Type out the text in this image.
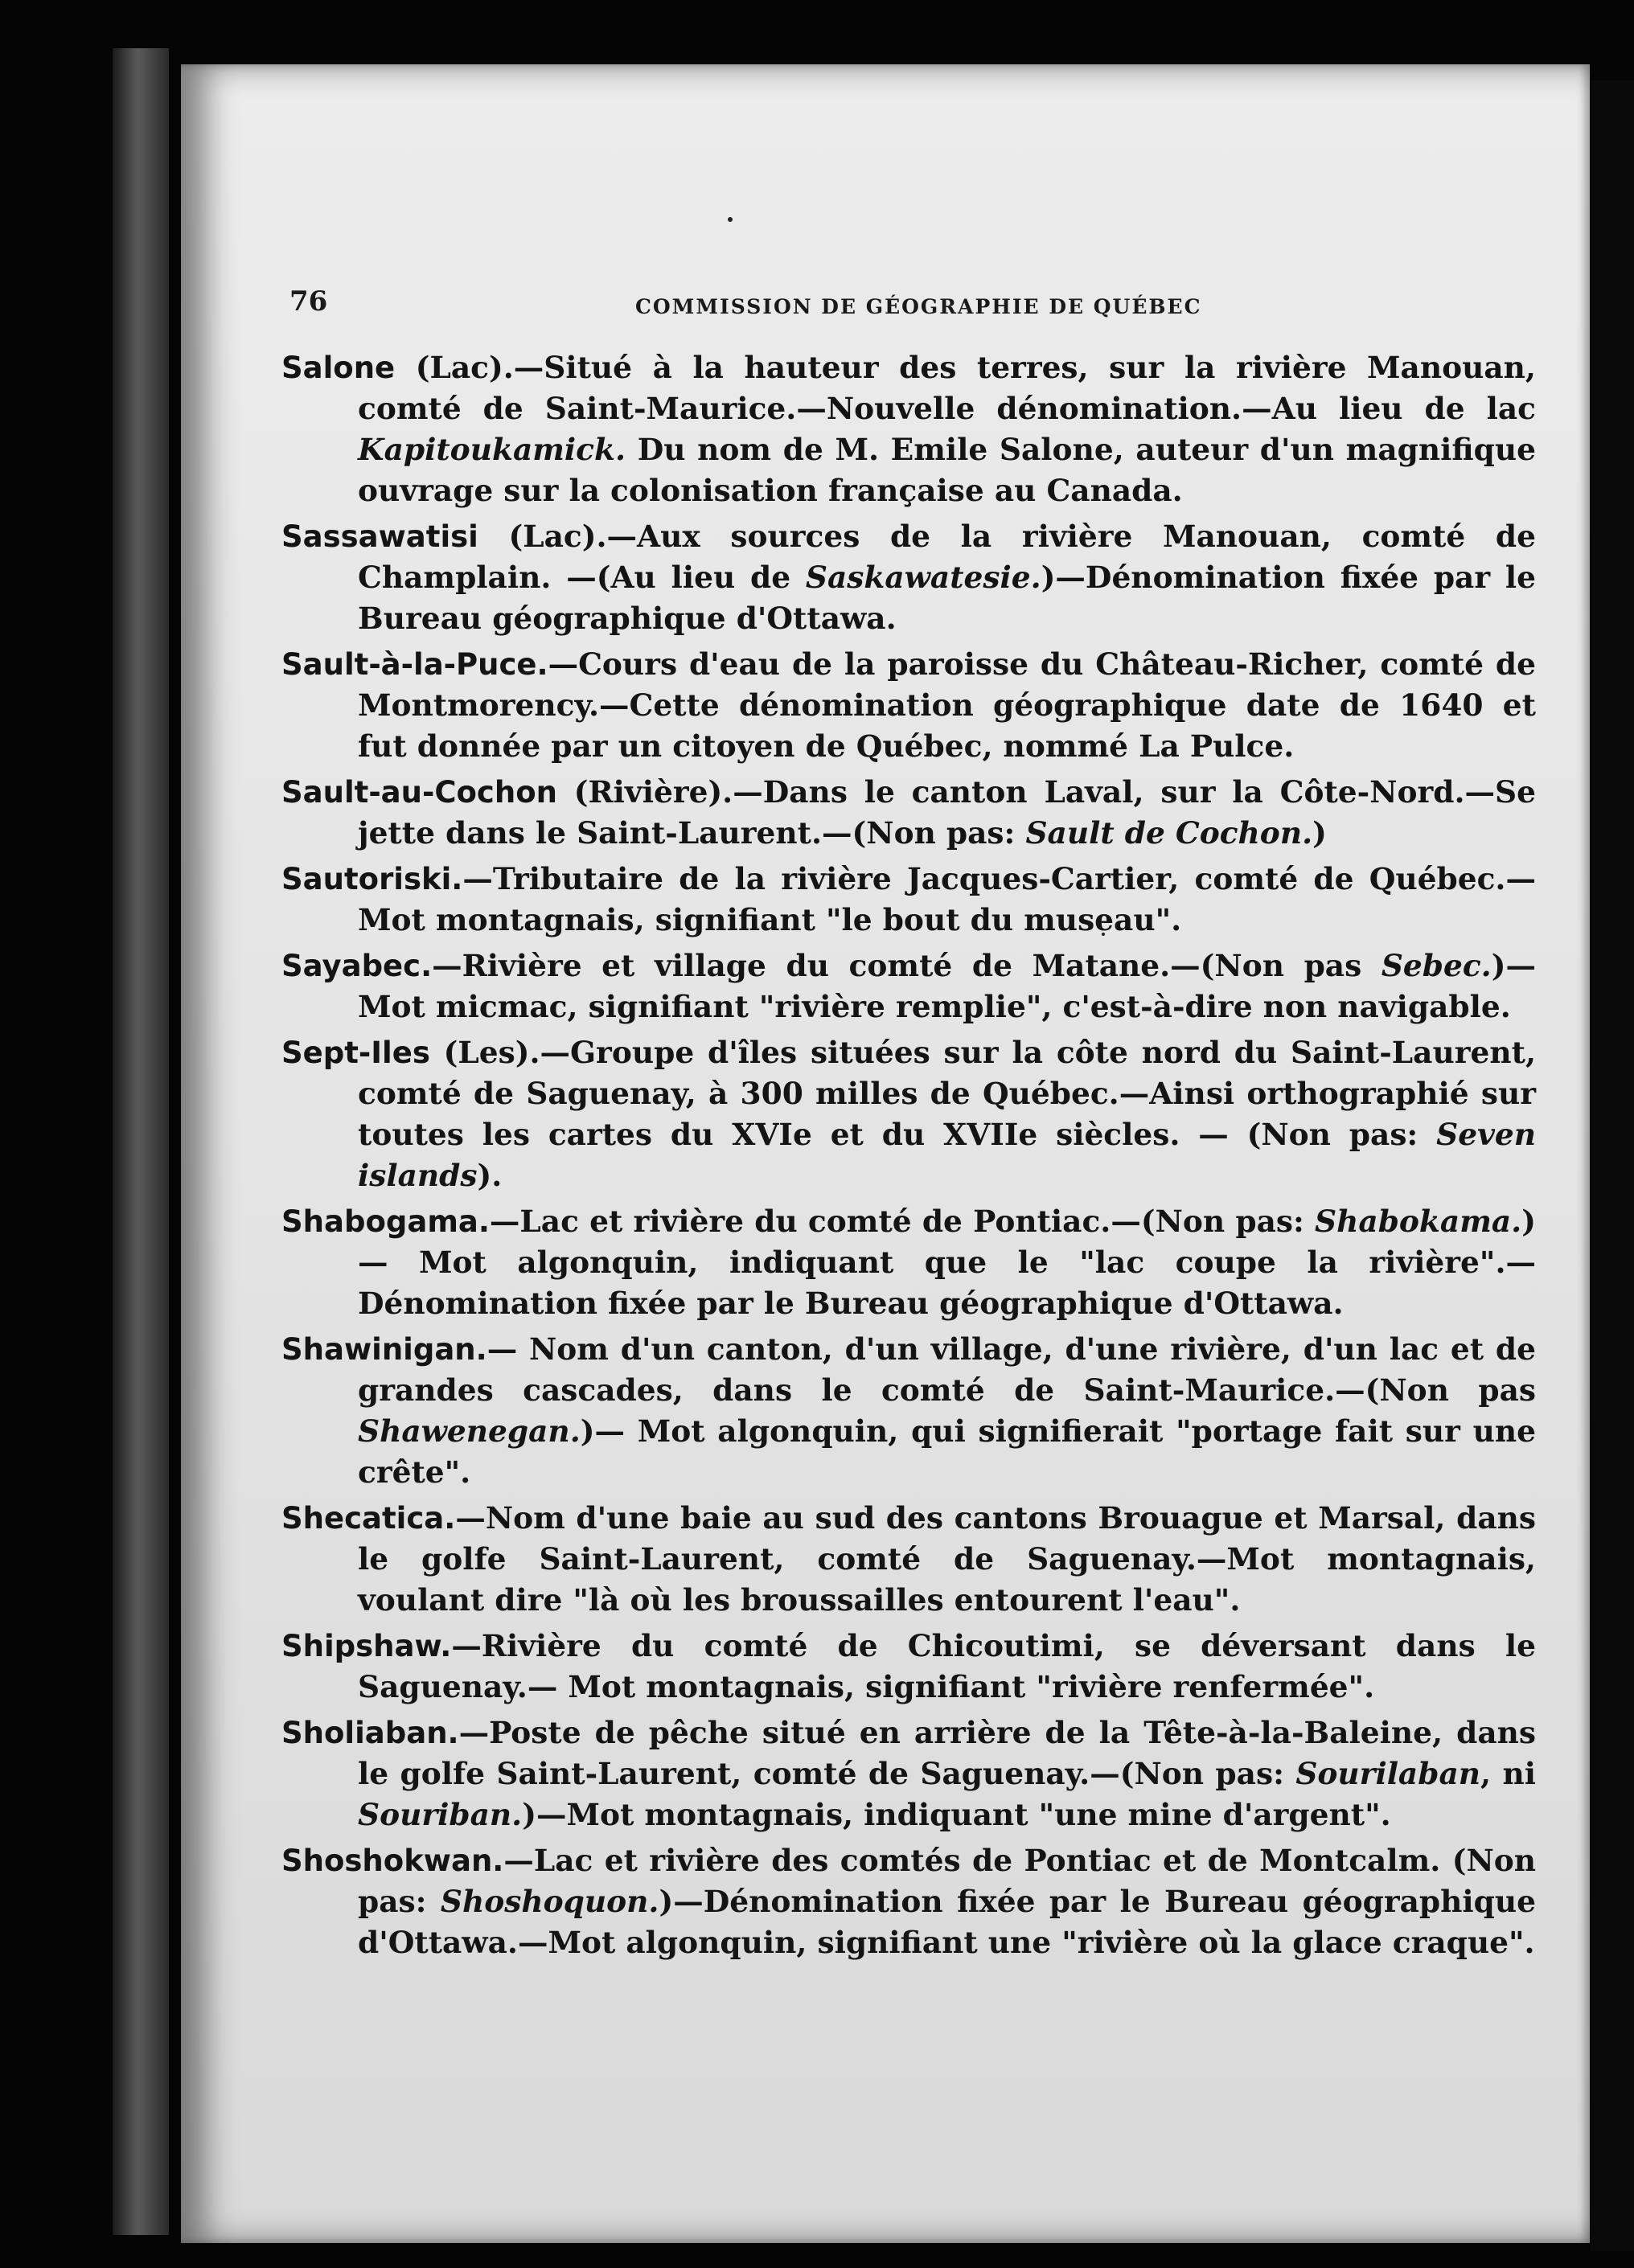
76	COMMISSION DE GÉOGRAPHIE DE QUÉBEC

Salone (Lac).—Situé à la hauteur des terres, sur la rivière Manouan, comté de Saint-Maurice.—Nouvelle dénomination.—Au lieu de lac Kapitoukamick. Du nom de M. Emile Salone, auteur d'un magnifique ouvrage sur la colonisation française au Canada.

Sassawatisi (Lac).—Aux sources de la rivière Manouan, comté de Champlain. —(Au lieu de Saskawatesie.)—Dénomination fixée par le Bureau géographique d'Ottawa.

Sault-à-la-Puce.—Cours d'eau de la paroisse du Château-Richer, comté de Montmorency.—Cette dénomination géographique date de 1640 et fut donnée par un citoyen de Québec, nommé La Pulce.

Sault-au-Cochon (Rivière).—Dans le canton Laval, sur la Côte-Nord.—Se jette dans le Saint-Laurent.—(Non pas: Sault de Cochon.)

Sautoriski.—Tributaire de la rivière Jacques-Cartier, comté de Québec.— Mot montagnais, signifiant "le bout du museau".

Sayabec.—Rivière et village du comté de Matane.—(Non pas Sebec.)— Mot micmac, signifiant "rivière remplie", c'est-à-dire non navigable.

Sept-Iles (Les).—Groupe d'îles situées sur la côte nord du Saint-Laurent, comté de Saguenay, à 300 milles de Québec.—Ainsi orthographié sur toutes les cartes du XVIe et du XVIIe siècles. — (Non pas: Seven islands).

Shabogama.—Lac et rivière du comté de Pontiac.—(Non pas: Shabokama.)— Mot algonquin, indiquant que le "lac coupe la rivière".—Dénomination fixée par le Bureau géographique d'Ottawa.

Shawinigan.— Nom d'un canton, d'un village, d'une rivière, d'un lac et de grandes cascades, dans le comté de Saint-Maurice.—(Non pas Shawenegan.)— Mot algonquin, qui signifierait "portage fait sur une crête".

Shecatica.—Nom d'une baie au sud des cantons Brouague et Marsal, dans le golfe Saint-Laurent, comté de Saguenay.—Mot montagnais, voulant dire "là où les broussailles entourent l'eau".

Shipshaw.—Rivière du comté de Chicoutimi, se déversant dans le Saguenay.— Mot montagnais, signifiant "rivière renfermée".

Sholiaban.—Poste de pêche situé en arrière de la Tête-à-la-Baleine, dans le golfe Saint-Laurent, comté de Saguenay.—(Non pas: Sourilaban, ni Souriban.)—Mot montagnais, indiquant "une mine d'argent".

Shoshokwan.—Lac et rivière des comtés de Pontiac et de Montcalm. (Non pas: Shoshoquon.)—Dénomination fixée par le Bureau géographique d'Ottawa.—Mot algonquin, signifiant une "rivière où la glace craque".
